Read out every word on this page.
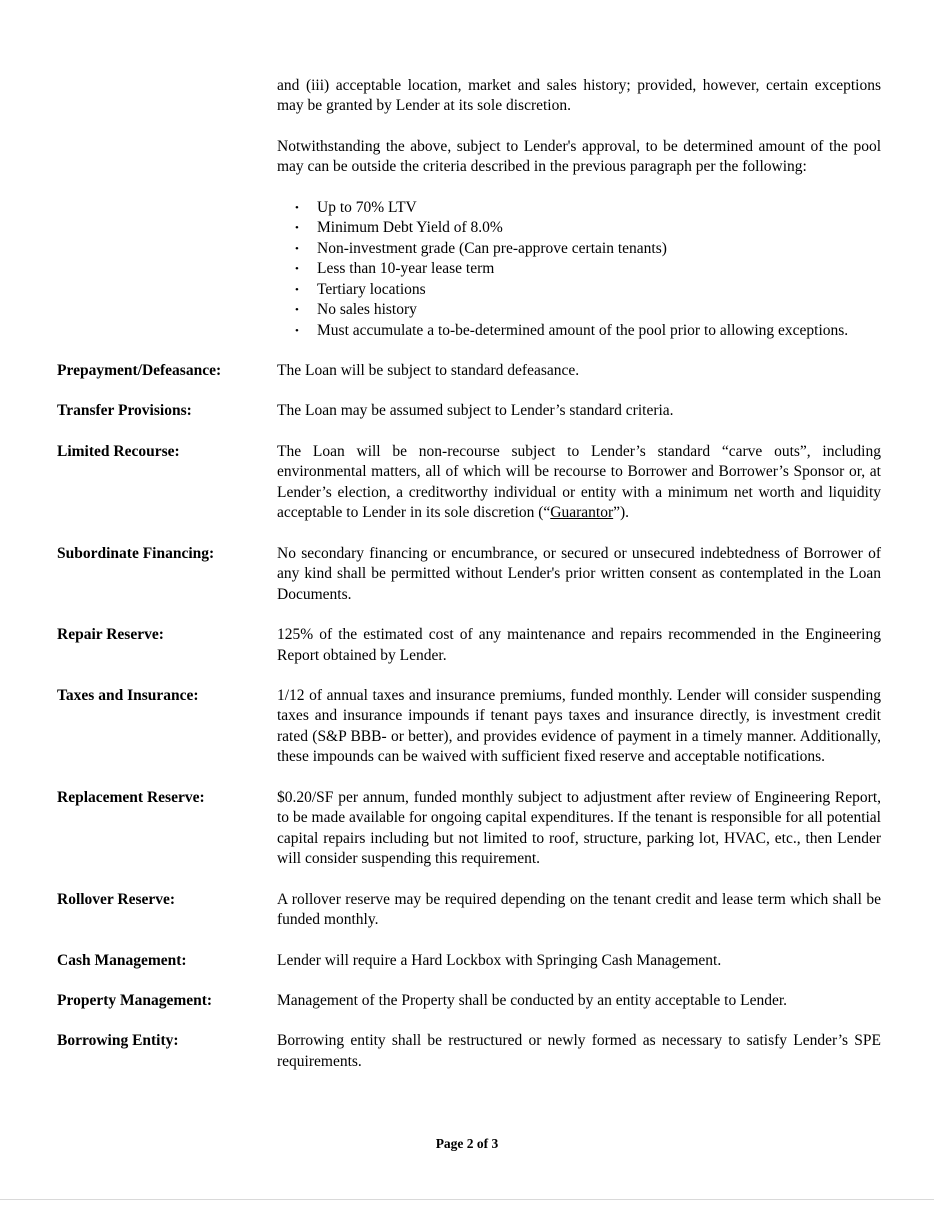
and (iii) acceptable location, market and sales history; provided, however, certain exceptions may be granted by Lender at its sole discretion.

Notwithstanding the above, subject to Lender's approval, to be determined amount of the pool may can be outside the criteria described in the previous paragraph per the following:

• Up to 70% LTV
• Minimum Debt Yield of 8.0%
• Non-investment grade (Can pre-approve certain tenants)
• Less than 10-year lease term
• Tertiary locations
• No sales history
• Must accumulate a to-be-determined amount of the pool prior to allowing exceptions.
Prepayment/Defeasance:	The Loan will be subject to standard defeasance.

Transfer Provisions:	The Loan may be assumed subject to Lender’s standard criteria.

Limited Recourse:	The Loan will be non-recourse subject to Lender’s standard “carve outs”, including environmental matters, all of which will be recourse to Borrower and Borrower’s Sponsor or, at Lender’s election, a creditworthy individual or entity with a minimum net worth and liquidity acceptable to Lender in its sole discretion (“Guarantor”).

Subordinate Financing:	No secondary financing or encumbrance, or secured or unsecured indebtedness of Borrower of any kind shall be permitted without Lender's prior written consent as contemplated in the Loan Documents.

Repair Reserve:	125% of the estimated cost of any maintenance and repairs recommended in the Engineering Report obtained by Lender.

Taxes and Insurance:	1/12 of annual taxes and insurance premiums, funded monthly. Lender will consider suspending taxes and insurance impounds if tenant pays taxes and insurance directly, is investment credit rated (S&P BBB- or better), and provides evidence of payment in a timely manner. Additionally, these impounds can be waived with sufficient fixed reserve and acceptable notifications.

Replacement Reserve:	$0.20/SF per annum, funded monthly subject to adjustment after review of Engineering Report, to be made available for ongoing capital expenditures. If the tenant is responsible for all potential capital repairs including but not limited to roof, structure, parking lot, HVAC, etc., then Lender will consider suspending this requirement.

Rollover Reserve:	A rollover reserve may be required depending on the tenant credit and lease term which shall be funded monthly.

Cash Management:	Lender will require a Hard Lockbox with Springing Cash Management.

Property Management:	Management of the Property shall be conducted by an entity acceptable to Lender.

Borrowing Entity:	Borrowing entity shall be restructured or newly formed as necessary to satisfy Lender’s SPE requirements.

Page 2 of 3
